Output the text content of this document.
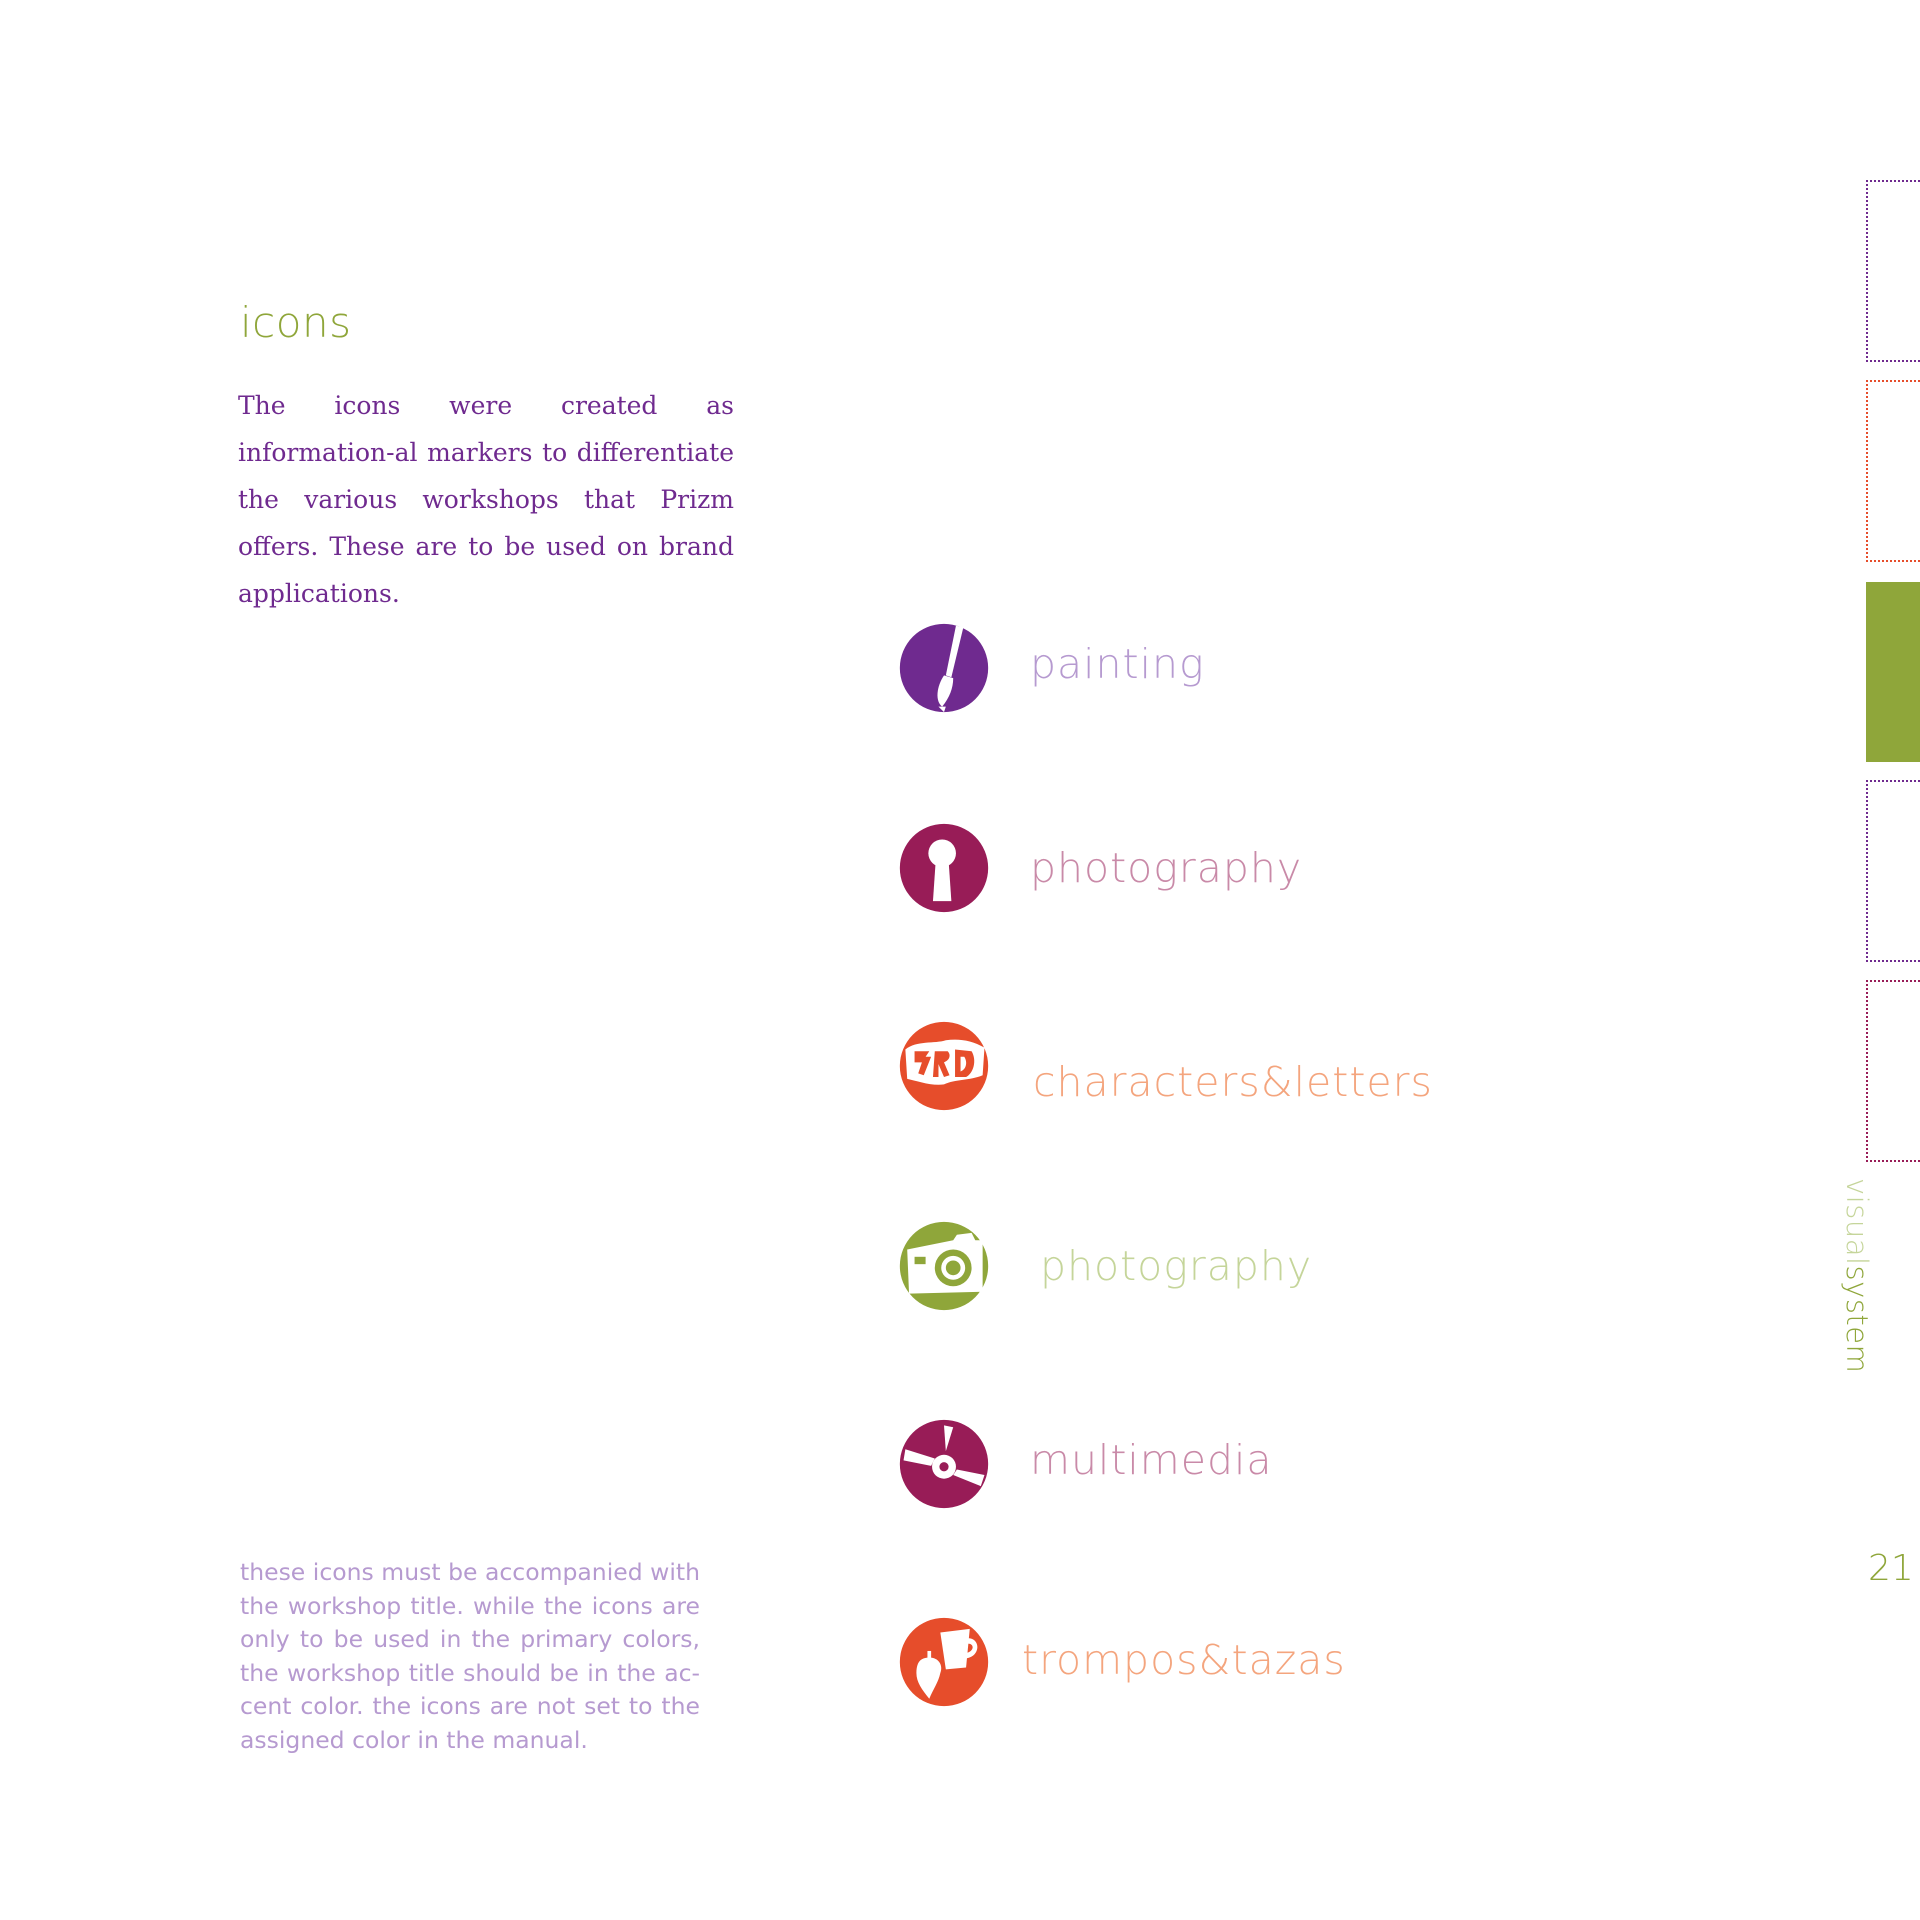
icons

The icons were created as information-al markers to differentiate the various workshops that Prizm offers. These are to be used on brand applications.

these icons must be accompanied with the workshop title. while the icons are only to be used in the primary colors, the workshop title should be in the ac-cent color. the icons are not set to the assigned color in the manual.

painting
photography
characters&letters
photography
multimedia
trompos&tazas
visualsystem
21
